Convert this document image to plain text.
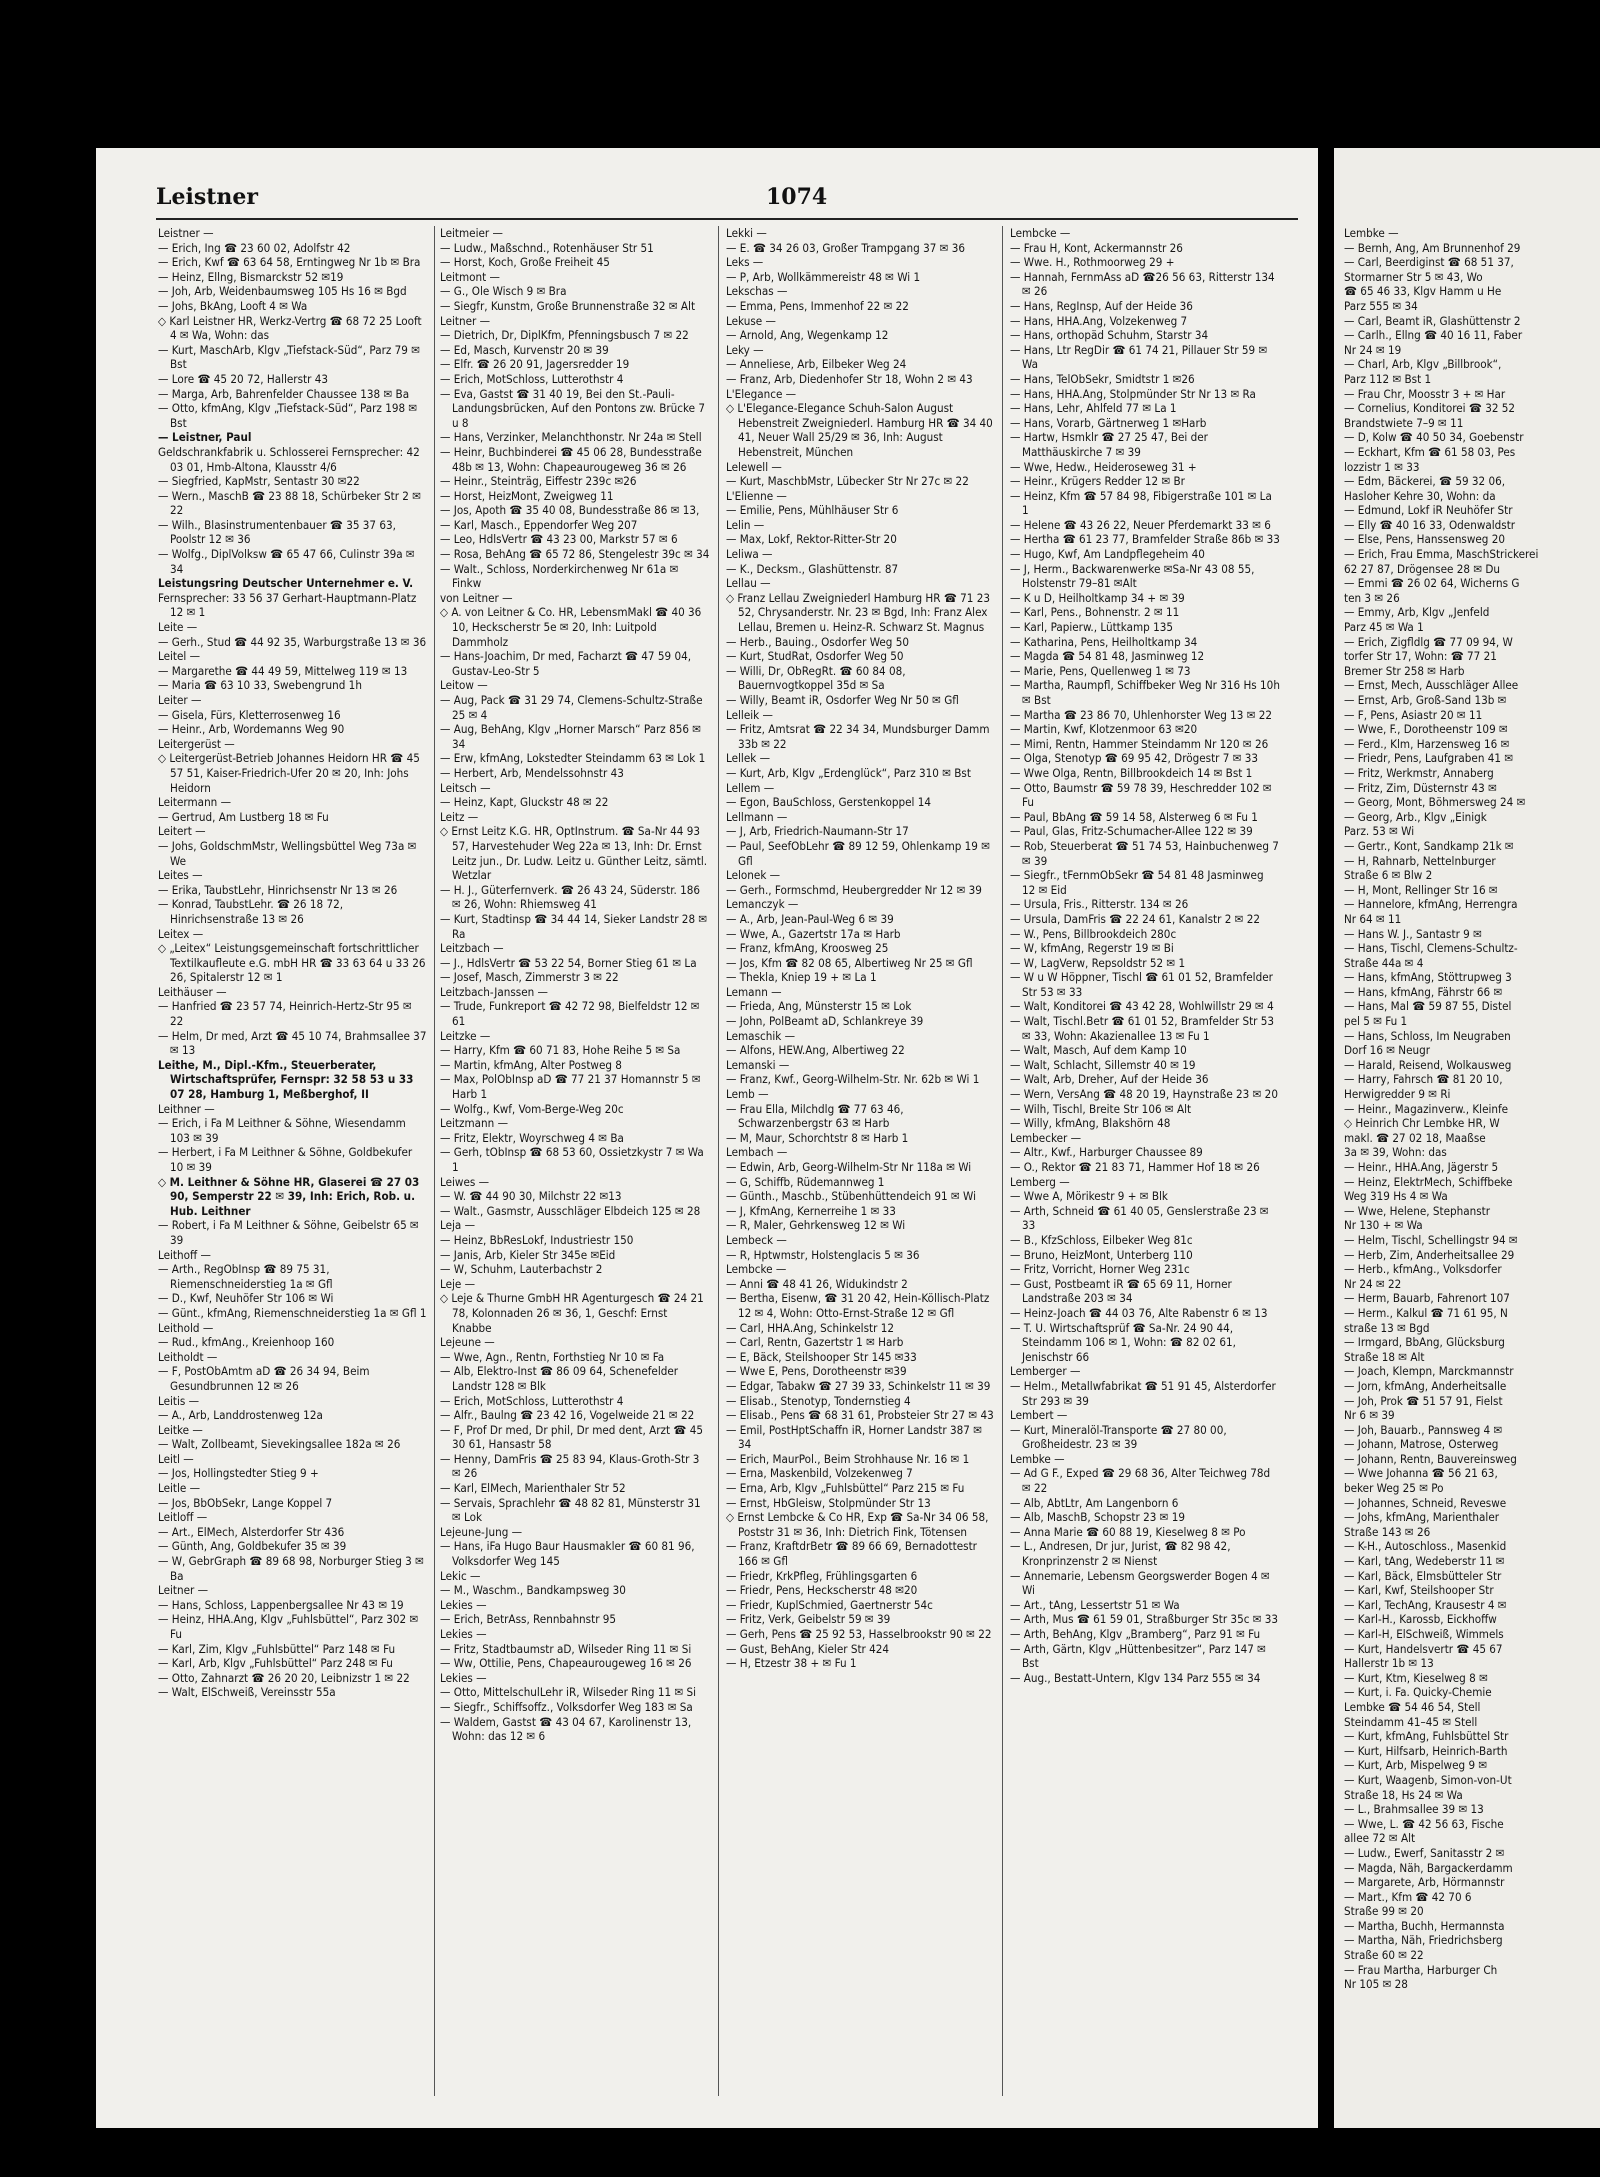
Leistner	1074

Leistner —

— Erich, Ing ☎ 23 60 02, Adolfstr 42

— Erich, Kwf ☎ 63 64 58, Erntingweg Nr 1b ✉ Bra

— Heinz, Ellng, Bismarckstr 52 ✉19

— Joh, Arb, Weidenbaumsweg 105 Hs 16 ✉ Bgd

— Johs, BkAng, Looft 4 ✉ Wa

◇ Karl Leistner HR, Werkz-Vertrg ☎ 68 72 25 Looft 4 ✉ Wa, Wohn: das

— Kurt, MaschArb, Klgv „Tiefstack-Süd“, Parz 79 ✉ Bst

— Lore ☎ 45 20 72, Hallerstr 43

— Marga, Arb, Bahrenfelder Chaussee 138 ✉ Ba

— Otto, kfmAng, Klgv „Tiefstack-Süd“, Parz 198 ✉ Bst

— Leistner, Paul

Geldschrankfabrik u. Schlosserei Fernsprecher: 42 03 01, Hmb-Altona, Klausstr 4/6

— Siegfried, KapMstr, Sentastr 30 ✉22

— Wern., MaschB ☎ 23 88 18, Schürbeker Str 2 ✉ 22

— Wilh., Blasinstrumentenbauer ☎ 35 37 63, Poolstr 12 ✉ 36

— Wolfg., DiplVolksw ☎ 65 47 66, Culinstr 39a ✉ 34

Leistungsring Deutscher Unternehmer e. V.

Fernsprecher: 33 56 37 Gerhart-Hauptmann-Platz 12 ✉ 1

Leite —

— Gerh., Stud ☎ 44 92 35, Warburgstraße 13 ✉ 36

Leitel —

— Margarethe ☎ 44 49 59, Mittelweg 119 ✉ 13

— Maria ☎ 63 10 33, Swebengrund 1h

Leiter —

— Gisela, Fürs, Kletterrosenweg 16

— Heinr., Arb, Wordemanns Weg 90

Leitergerüst —

◇ Leitergerüst-Betrieb Johannes Heidorn HR ☎ 45 57 51, Kaiser-Friedrich-Ufer 20 ✉ 20, Inh: Johs Heidorn

Leitermann —

— Gertrud, Am Lustberg 18 ✉ Fu

Leitert —

— Johs, GoldschmMstr, Wellingsbüttel Weg 73a ✉ We

Leites —

— Erika, TaubstLehr, Hinrichsenstr Nr 13 ✉ 26

— Konrad, TaubstLehr. ☎ 26 18 72, Hinrichsenstraße 13 ✉ 26

Leitex —

◇ „Leitex“ Leistungsgemeinschaft fortschrittlicher Textilkaufleute e.G. mbH HR ☎ 33 63 64 u 33 26 26, Spitalerstr 12 ✉ 1

Leithäuser —

— Hanfried ☎ 23 57 74, Heinrich-Hertz-Str 95 ✉ 22

— Helm, Dr med, Arzt ☎ 45 10 74, Brahmsallee 37 ✉ 13

Leithe, M., Dipl.-Kfm., Steuerberater, Wirtschaftsprüfer, Fernspr: 32 58 53 u 33 07 28, Hamburg 1, Meßberghof, II

Leithner —

— Erich, i Fa M Leithner & Söhne, Wiesendamm 103 ✉ 39

— Herbert, i Fa M Leithner & Söhne, Goldbekufer 10 ✉ 39

◇ M. Leithner & Söhne HR, Glaserei ☎ 27 03 90, Semperstr 22 ✉ 39, Inh: Erich, Rob. u. Hub. Leithner

— Robert, i Fa M Leithner & Söhne, Geibelstr 65 ✉ 39

Leithoff —

— Arth., RegObInsp ☎ 89 75 31, Riemenschneiderstieg 1a ✉ Gfl

— D., Kwf, Neuhöfer Str 106 ✉ Wi

— Günt., kfmAng, Riemenschneiderstieg 1a ✉ Gfl 1

Leithold —

— Rud., kfmAng., Kreienhoop 160

Leitholdt —

— F, PostObAmtm aD ☎ 26 34 94, Beim Gesundbrunnen 12 ✉ 26

Leitis —

— A., Arb, Landdrostenweg 12a

Leitke —

— Walt, Zollbeamt, Sievekingsallee 182a ✉ 26

Leitl —

— Jos, Hollingstedter Stieg 9 +

Leitle —

— Jos, BbObSekr, Lange Koppel 7

Leitloff —

— Art., ElMech, Alsterdorfer Str 436

— Günth, Ang, Goldbekufer 35 ✉ 39

— W, GebrGraph ☎ 89 68 98, Norburger Stieg 3 ✉ Ba

Leitner —

— Hans, Schloss, Lappenbergsallee Nr 43 ✉ 19

— Heinz, HHA.Ang, Klgv „Fuhlsbüttel“, Parz 302 ✉ Fu

— Karl, Zim, Klgv „Fuhlsbüttel“ Parz 148 ✉ Fu

— Karl, Arb, Klgv „Fuhlsbüttel“ Parz 248 ✉ Fu

— Otto, Zahnarzt ☎ 26 20 20, Leibnizstr 1 ✉ 22

— Walt, ElSchweiß, Vereinsstr 55a

Leitmeier —

— Ludw., Maßschnd., Rotenhäuser Str 51

— Horst, Koch, Große Freiheit 45

Leitmont —

— G., Ole Wisch 9 ✉ Bra

— Siegfr, Kunstm, Große Brunnenstraße 32 ✉ Alt

Leitner —

— Dietrich, Dr, DiplKfm, Pfenningsbusch 7 ✉ 22

— Ed, Masch, Kurvenstr 20 ✉ 39

— Elfr. ☎ 26 20 91, Jagersredder 19

— Erich, MotSchloss, Lutterothstr 4

— Eva, Gastst ☎ 31 40 19, Bei den St.-Pauli-Landungsbrücken, Auf den Pontons zw. Brücke 7 u 8

— Hans, Verzinker, Melanchthonstr. Nr 24a ✉ Stell

— Heinr, Buchbinderei ☎ 45 06 28, Bundesstraße 48b ✉ 13, Wohn: Chapeaurougeweg 36 ✉ 26

— Heinr., Steinträg, Eiffestr 239c ✉26

— Horst, HeizMont, Zweigweg 11

— Jos, Apoth ☎ 35 40 08, Bundesstraße 86 ✉ 13,

— Karl, Masch., Eppendorfer Weg 207

— Leo, HdlsVertr ☎ 43 23 00, Markstr 57 ✉ 6

— Rosa, BehAng ☎ 65 72 86, Stengelestr 39c ✉ 34

— Walt., Schloss, Norderkirchenweg Nr 61a ✉ Finkw

von Leitner —

◇ A. von Leitner & Co. HR, LebensmMakl ☎ 40 36 10, Heckscherstr 5e ✉ 20, Inh: Luitpold Dammholz

— Hans-Joachim, Dr med, Facharzt ☎ 47 59 04, Gustav-Leo-Str 5

Leitow —

— Aug, Pack ☎ 31 29 74, Clemens-Schultz-Straße 25 ✉ 4

— Aug, BehAng, Klgv „Horner Marsch“ Parz 856 ✉ 34

— Erw, kfmAng, Lokstedter Steindamm 63 ✉ Lok 1

— Herbert, Arb, Mendelssohnstr 43

Leitsch —

— Heinz, Kapt, Gluckstr 48 ✉ 22

Leitz —

◇ Ernst Leitz K.G. HR, OptInstrum. ☎ Sa-Nr 44 93 57, Harvestehuder Weg 22a ✉ 13, Inh: Dr. Ernst Leitz jun., Dr. Ludw. Leitz u. Günther Leitz, sämtl. Wetzlar

— H. J., Güterfernverk. ☎ 26 43 24, Süderstr. 186 ✉ 26, Wohn: Rhiemsweg 41

— Kurt, Stadtinsp ☎ 34 44 14, Sieker Landstr 28 ✉ Ra

Leitzbach —

— J., HdlsVertr ☎ 53 22 54, Borner Stieg 61 ✉ La

— Josef, Masch, Zimmerstr 3 ✉ 22

Leitzbach-Janssen —

— Trude, Funkreport ☎ 42 72 98, Bielfeldstr 12 ✉ 61

Leitzke —

— Harry, Kfm ☎ 60 71 83, Hohe Reihe 5 ✉ Sa

— Martin, kfmAng, Alter Postweg 8

— Max, PolObInsp aD ☎ 77 21 37 Homannstr 5 ✉ Harb 1

— Wolfg., Kwf, Vom-Berge-Weg 20c

Leitzmann —

— Fritz, Elektr, Woyrschweg 4 ✉ Ba

— Gerh, tObInsp ☎ 68 53 60, Ossietzkystr 7 ✉ Wa 1

Leiwes —

— W. ☎ 44 90 30, Milchstr 22 ✉13

— Walt., Gasmstr, Ausschläger Elbdeich 125 ✉ 28

Leja —

— Heinz, BbResLokf, Industriestr 150

— Janis, Arb, Kieler Str 345e ✉Eid

— W, Schuhm, Lauterbachstr 2

Leje —

◇ Leje & Thurne GmbH HR Agenturgesch ☎ 24 21 78, Kolonnaden 26 ✉ 36, 1, Geschf: Ernst Knabbe

Lejeune —

— Wwe, Agn., Rentn, Forthstieg Nr 10 ✉ Fa

— Alb, Elektro-Inst ☎ 86 09 64, Schenefelder Landstr 128 ✉ Blk

— Erich, MotSchloss, Lutterothstr 4

— Alfr., Baulng ☎ 23 42 16, Vogelweide 21 ✉ 22

— F, Prof Dr med, Dr phil, Dr med dent, Arzt ☎ 45 30 61, Hansastr 58

— Henny, DamFris ☎ 25 83 94, Klaus-Groth-Str 3 ✉ 26

— Karl, ElMech, Marienthaler Str 52

— Servais, Sprachlehr ☎ 48 82 81, Münsterstr 31 ✉ Lok

Lejeune-Jung —

— Hans, iFa Hugo Baur Hausmakler ☎ 60 81 96, Volksdorfer Weg 145

Lekic —

— M., Waschm., Bandkampsweg 30

Lekies —

— Erich, BetrAss, Rennbahnstr 95

Lekies —

— Fritz, Stadtbaumstr aD, Wilseder Ring 11 ✉ Si

— Ww, Ottilie, Pens, Chapeaurougeweg 16 ✉ 26

Lekies —

— Otto, MittelschulLehr iR, Wilseder Ring 11 ✉ Si

— Siegfr., Schiffsoffz., Volksdorfer Weg 183 ✉ Sa

— Waldem, Gastst ☎ 43 04 67, Karolinenstr 13, Wohn: das 12 ✉ 6

Lekki —

— E. ☎ 34 26 03, Großer Trampgang 37 ✉ 36

Leks —

— P, Arb, Wollkämmereistr 48 ✉ Wi 1

Lekschas —

— Emma, Pens, Immenhof 22 ✉ 22

Lekuse —

— Arnold, Ang, Wegenkamp 12

Leky —

— Anneliese, Arb, Eilbeker Weg 24

— Franz, Arb, Diedenhofer Str 18, Wohn 2 ✉ 43

L'Elegance —

◇ L'Elegance-Elegance Schuh-Salon August Hebenstreit Zweigniederl. Hamburg HR ☎ 34 40 41, Neuer Wall 25/29 ✉ 36, Inh: August Hebenstreit, München

Lelewell —

— Kurt, MaschbMstr, Lübecker Str Nr 27c ✉ 22

L'Elienne —

— Emilie, Pens, Mühlhäuser Str 6

Lelin —

— Max, Lokf, Rektor-Ritter-Str 20

Leliwa —

— K., Decksm., Glashüttenstr. 87

Lellau —

◇ Franz Lellau Zweigniederl Hamburg HR ☎ 71 23 52, Chrysanderstr. Nr. 23 ✉ Bgd, Inh: Franz Alex Lellau, Bremen u. Heinz-R. Schwarz St. Magnus

— Herb., Bauing., Osdorfer Weg 50

— Kurt, StudRat, Osdorfer Weg 50

— Willi, Dr, ObRegRt. ☎ 60 84 08, Bauernvogtkoppel 35d ✉ Sa

— Willy, Beamt iR, Osdorfer Weg Nr 50 ✉ Gfl

Lelleik —

— Fritz, Amtsrat ☎ 22 34 34, Mundsburger Damm 33b ✉ 22

Lellek —

— Kurt, Arb, Klgv „Erdenglück“, Parz 310 ✉ Bst

Lellem —

— Egon, BauSchloss, Gerstenkoppel 14

Lellmann —

— J, Arb, Friedrich-Naumann-Str 17

— Paul, SeefObLehr ☎ 89 12 59, Ohlenkamp 19 ✉ Gfl

Lelonek —

— Gerh., Formschmd, Heubergredder Nr 12 ✉ 39

Lemanczyk —

— A., Arb, Jean-Paul-Weg 6 ✉ 39

— Wwe, A., Gazertstr 17a ✉ Harb

— Franz, kfmAng, Kroosweg 25

— Jos, Kfm ☎ 82 08 65, Albertiweg Nr 25 ✉ Gfl

— Thekla, Kniep 19 + ✉ La 1

Lemann —

— Frieda, Ang, Münsterstr 15 ✉ Lok

— John, PolBeamt aD, Schlankreye 39

Lemaschik —

— Alfons, HEW.Ang, Albertiweg 22

Lemanski —

— Franz, Kwf., Georg-Wilhelm-Str. Nr. 62b ✉ Wi 1

Lemb —

— Frau Ella, Milchdlg ☎ 77 63 46, Schwarzenbergstr 63 ✉ Harb

— M, Maur, Schorchtstr 8 ✉ Harb 1

Lembach —

— Edwin, Arb, Georg-Wilhelm-Str Nr 118a ✉ Wi

— G, Schiffb, Rüdemannweg 1

— Günth., Maschb., Stübenhüttendeich 91 ✉ Wi

— J, KfmAng, Kernerreihe 1 ✉ 33

— R, Maler, Gehrkensweg 12 ✉ Wi

Lembeck —

— R, Hptwmstr, Holstenglacis 5 ✉ 36

Lembcke —

— Anni ☎ 48 41 26, Widukindstr 2

— Bertha, Eisenw, ☎ 31 20 42, Hein-Köllisch-Platz 12 ✉ 4, Wohn: Otto-Ernst-Straße 12 ✉ Gfl

— Carl, HHA.Ang, Schinkelstr 12

— Carl, Rentn, Gazertstr 1 ✉ Harb

— E, Bäck, Steilshooper Str 145 ✉33

— Wwe E, Pens, Dorotheenstr ✉39

— Edgar, Tabakw ☎ 27 39 33, Schinkelstr 11 ✉ 39

— Elisab., Stenotyp, Tondernstieg 4

— Elisab., Pens ☎ 68 31 61, Probsteier Str 27 ✉ 43

— Emil, PostHptSchaffn iR, Horner Landstr 387 ✉ 34

— Erich, MaurPol., Beim Strohhause Nr. 16 ✉ 1

— Erna, Maskenbild, Volzekenweg 7

— Erna, Arb, Klgv „Fuhlsbüttel“ Parz 215 ✉ Fu

— Ernst, HbGleisw, Stolpmünder Str 13

◇ Ernst Lembcke & Co HR, Exp ☎ Sa-Nr 34 06 58, Poststr 31 ✉ 36, Inh: Dietrich Fink, Tötensen

— Franz, KraftdrBetr ☎ 89 66 69, Bernadottestr 166 ✉ Gfl

— Friedr, KrkPfleg, Frühlingsgarten 6

— Friedr, Pens, Heckscherstr 48 ✉20

— Friedr, KuplSchmied, Gaertnerstr 54c

— Fritz, Verk, Geibelstr 59 ✉ 39

— Gerh, Pens ☎ 25 92 53, Hasselbrookstr 90 ✉ 22

— Gust, BehAng, Kieler Str 424

— H, Etzestr 38 + ✉ Fu 1

Lembcke —

— Frau H, Kont, Ackermannstr 26

— Wwe. H., Rothmoorweg 29 +

— Hannah, FernmAss aD ☎26 56 63, Ritterstr 134 ✉ 26

— Hans, RegInsp, Auf der Heide 36

— Hans, HHA.Ang, Volzekenweg 7

— Hans, orthopäd Schuhm, Starstr 34

— Hans, Ltr RegDir ☎ 61 74 21, Pillauer Str 59 ✉ Wa

— Hans, TelObSekr, Smidtstr 1 ✉26

— Hans, HHA.Ang, Stolpmünder Str Nr 13 ✉ Ra

— Hans, Lehr, Ahlfeld 77 ✉ La 1

— Hans, Vorarb, Gärtnerweg 1 ✉Harb

— Hartw, Hsmklr ☎ 27 25 47, Bei der Matthäuskirche 7 ✉ 39

— Wwe, Hedw., Heideroseweg 31 +

— Heinr., Krügers Redder 12 ✉ Br

— Heinz, Kfm ☎ 57 84 98, Fibigerstraße 101 ✉ La 1

— Helene ☎ 43 26 22, Neuer Pferdemarkt 33 ✉ 6

— Hertha ☎ 61 23 77, Bramfelder Straße 86b ✉ 33

— Hugo, Kwf, Am Landpflegeheim 40

— J, Herm., Backwarenwerke ✉Sa-Nr 43 08 55, Holstenstr 79–81 ✉Alt

— K u D, Heilholtkamp 34 + ✉ 39

— Karl, Pens., Bohnenstr. 2 ✉ 11

— Karl, Papierw., Lüttkamp 135

— Katharina, Pens, Heilholtkamp 34

— Magda ☎ 54 81 48, Jasminweg 12

— Marie, Pens, Quellenweg 1 ✉ 73

— Martha, Raumpfl, Schiffbeker Weg Nr 316 Hs 10h ✉ Bst

— Martha ☎ 23 86 70, Uhlenhorster Weg 13 ✉ 22

— Martin, Kwf, Klotzenmoor 63 ✉20

— Mimi, Rentn, Hammer Steindamm Nr 120 ✉ 26

— Olga, Stenotyp ☎ 69 95 42, Drögestr 7 ✉ 33

— Wwe Olga, Rentn, Billbrookdeich 14 ✉ Bst 1

— Otto, Baumstr ☎ 59 78 39, Heschredder 102 ✉ Fu

— Paul, BbAng ☎ 59 14 58, Alsterweg 6 ✉ Fu 1

— Paul, Glas, Fritz-Schumacher-Allee 122 ✉ 39

— Rob, Steuerberat ☎ 51 74 53, Hainbuchenweg 7 ✉ 39

— Siegfr., tFernmObSekr ☎ 54 81 48 Jasminweg 12 ✉ Eid

— Ursula, Fris., Ritterstr. 134 ✉ 26

— Ursula, DamFris ☎ 22 24 61, Kanalstr 2 ✉ 22

— W., Pens, Billbrookdeich 280c

— W, kfmAng, Regerstr 19 ✉ Bi

— W, LagVerw, Repsoldstr 52 ✉ 1

— W u W Höppner, Tischl ☎ 61 01 52, Bramfelder Str 53 ✉ 33

— Walt, Konditorei ☎ 43 42 28, Wohlwillstr 29 ✉ 4

— Walt, Tischl.Betr ☎ 61 01 52, Bramfelder Str 53 ✉ 33, Wohn: Akazienallee 13 ✉ Fu 1

— Walt, Masch, Auf dem Kamp 10

— Walt, Schlacht, Sillemstr 40 ✉ 19

— Walt, Arb, Dreher, Auf der Heide 36

— Wern, VersAng ☎ 48 20 19, Haynstraße 23 ✉ 20

— Wilh, Tischl, Breite Str 106 ✉ Alt

— Willy, kfmAng, Blakshörn 48

Lembecker —

— Altr., Kwf., Harburger Chaussee 89

— O., Rektor ☎ 21 83 71, Hammer Hof 18 ✉ 26

Lemberg —

— Wwe A, Mörikestr 9 + ✉ Blk

— Arth, Schneid ☎ 61 40 05, Genslerstraße 23 ✉ 33

— B., KfzSchloss, Eilbeker Weg 81c

— Bruno, HeizMont, Unterberg 110

— Fritz, Vorricht, Horner Weg 231c

— Gust, Postbeamt iR ☎ 65 69 11, Horner Landstraße 203 ✉ 34

— Heinz-Joach ☎ 44 03 76, Alte Rabenstr 6 ✉ 13

— T. U. Wirtschaftsprüf ☎ Sa-Nr. 24 90 44, Steindamm 106 ✉ 1, Wohn: ☎ 82 02 61, Jenischstr 66

Lemberger —

— Helm., Metallwfabrikat ☎ 51 91 45, Alsterdorfer Str 293 ✉ 39

Lembert —

— Kurt, Mineralöl-Transporte ☎ 27 80 00, Großheidestr. 23 ✉ 39

Lembke —

— Ad G F., Exped ☎ 29 68 36, Alter Teichweg 78d ✉ 22

— Alb, AbtLtr, Am Langenborn 6

— Alb, MaschB, Schopstr 23 ✉ 19

— Anna Marie ☎ 60 88 19, Kieselweg 8 ✉ Po

— L., Andresen, Dr jur, Jurist, ☎ 82 98 42, Kronprinzenstr 2 ✉ Nienst

— Annemarie, Lebensm Georgswerder Bogen 4 ✉ Wi

— Art., tAng, Lessertstr 51 ✉ Wa

— Arth, Mus ☎ 61 59 01, Straßburger Str 35c ✉ 33

— Arth, BehAng, Klgv „Bramberg“, Parz 91 ✉ Fu

— Arth, Gärtn, Klgv „Hüttenbesitzer“, Parz 147 ✉ Bst

— Aug., Bestatt-Untern, Klgv 134 Parz 555 ✉ 34

Lembke —

— Bernh, Ang, Am Brunnenhof 29

— Carl, Beerdiginst ☎ 68 51 37,

Stormarner Str 5 ✉ 43, Wo

☎ 65 46 33, Klgv Hamm u He

Parz 555 ✉ 34

— Carl, Beamt iR, Glashüttenstr 2

— Carlh., Ellng ☎ 40 16 11, Faber

Nr 24 ✉ 19

— Charl, Arb, Klgv „Billbrook“,

Parz 112 ✉ Bst 1

— Frau Chr, Moosstr 3 + ✉ Har

— Cornelius, Konditorei ☎ 32 52

Brandstwiete 7–9 ✉ 11

— D, Kolw ☎ 40 50 34, Goebenstr

— Eckhart, Kfm ☎ 61 58 03, Pes

lozzistr 1 ✉ 33

— Edm, Bäckerei, ☎ 59 32 06,

Hasloher Kehre 30, Wohn: da

— Edmund, Lokf iR Neuhöfer Str

— Elly ☎ 40 16 33, Odenwaldstr

— Else, Pens, Hanssensweg 20

— Erich, Frau Emma, MaschStrickerei

62 27 87, Drögensee 28 ✉ Du

— Emmi ☎ 26 02 64, Wicherns G

ten 3 ✉ 26

— Emmy, Arb, Klgv „Jenfeld

Parz 45 ✉ Wa 1

— Erich, Zigfldlg ☎ 77 09 94, W

torfer Str 17, Wohn: ☎ 77 21

Bremer Str 258 ✉ Harb

— Ernst, Mech, Ausschläger Allee

— Ernst, Arb, Groß-Sand 13b ✉

— F, Pens, Asiastr 20 ✉ 11

— Wwe, F., Dorotheenstr 109 ✉

— Ferd., Klm, Harzensweg 16 ✉

— Friedr, Pens, Laufgraben 41 ✉

— Fritz, Werkmstr, Annaberg

— Fritz, Zim, Düsternstr 43 ✉

— Georg, Mont, Böhmersweg 24 ✉

— Georg, Arb., Klgv „Einigk

Parz. 53 ✉ Wi

— Gertr., Kont, Sandkamp 21k ✉

— H, Rahnarb, Nettelnburger

Straße 6 ✉ Blw 2

— H, Mont, Rellinger Str 16 ✉

— Hannelore, kfmAng, Herrengra

Nr 64 ✉ 11

— Hans W. J., Santastr 9 ✉

— Hans, Tischl, Clemens-Schultz-

Straße 44a ✉ 4

— Hans, kfmAng, Stöttrupweg 3

— Hans, kfmAng, Fährstr 66 ✉

— Hans, Mal ☎ 59 87 55, Distel

pel 5 ✉ Fu 1

— Hans, Schloss, Im Neugraben

Dorf 16 ✉ Neugr

— Harald, Reisend, Wolkausweg

— Harry, Fahrsch ☎ 81 20 10,

Herwigredder 9 ✉ Ri

— Heinr., Magazinverw., Kleinfe

◇ Heinrich Chr Lembke HR, W

makl. ☎ 27 02 18, Maaßse

3a ✉ 39, Wohn: das

— Heinr., HHA.Ang, Jägerstr 5

— Heinz, ElektrMech, Schiffbeke

Weg 319 Hs 4 ✉ Wa

— Wwe, Helene, Stephanstr

Nr 130 + ✉ Wa

— Helm, Tischl, Schellingstr 94 ✉

— Herb, Zim, Anderheitsallee 29

— Herb., kfmAng., Volksdorfer

Nr 24 ✉ 22

— Herm, Bauarb, Fahrenort 107

— Herm., Kalkul ☎ 71 61 95, N

straße 13 ✉ Bgd

— Irmgard, BbAng, Glücksburg

Straße 18 ✉ Alt

— Joach, Klempn, Marckmannstr

— Jorn, kfmAng, Anderheitsalle

— Joh, Prok ☎ 51 57 91, Fielst

Nr 6 ✉ 39

— Joh, Bauarb., Pannsweg 4 ✉

— Johann, Matrose, Osterweg

— Johann, Rentn, Bauvereinsweg

— Wwe Johanna ☎ 56 21 63,

beker Weg 25 ✉ Po

— Johannes, Schneid, Reveswe

— Johs, kfmAng, Marienthaler

Straße 143 ✉ 26

— K-H., Autoschloss., Masenkid

— Karl, tAng, Wedeberstr 11 ✉

— Karl, Bäck, Elmsbütteler Str

— Karl, Kwf, Steilshooper Str

— Karl, TechAng, Krausestr 4 ✉

— Karl-H., Karossb, Eickhoffw

— Karl-H, ElSchweiß, Wimmels

— Kurt, Handelsvertr ☎ 45 67

Hallerstr 1b ✉ 13

— Kurt, Ktm, Kieselweg 8 ✉

— Kurt, i. Fa. Quicky-Chemie

Lembke ☎ 54 46 54, Stell

Steindamm 41–45 ✉ Stell

— Kurt, kfmAng, Fuhlsbüttel Str

— Kurt, Hilfsarb, Heinrich-Barth

— Kurt, Arb, Mispelweg 9 ✉

— Kurt, Waagenb, Simon-von-Ut

Straße 18, Hs 24 ✉ Wa

— L., Brahmsallee 39 ✉ 13

— Wwe, L. ☎ 42 56 63, Fische

allee 72 ✉ Alt

— Ludw., Ewerf, Sanitasstr 2 ✉

— Magda, Näh, Bargackerdamm

— Margarete, Arb, Hörmannstr

— Mart., Kfm ☎ 42 70 6

Straße 99 ✉ 20

— Martha, Buchh, Hermannsta

— Martha, Näh, Friedrichsberg

Straße 60 ✉ 22

— Frau Martha, Harburger Ch

Nr 105 ✉ 28
